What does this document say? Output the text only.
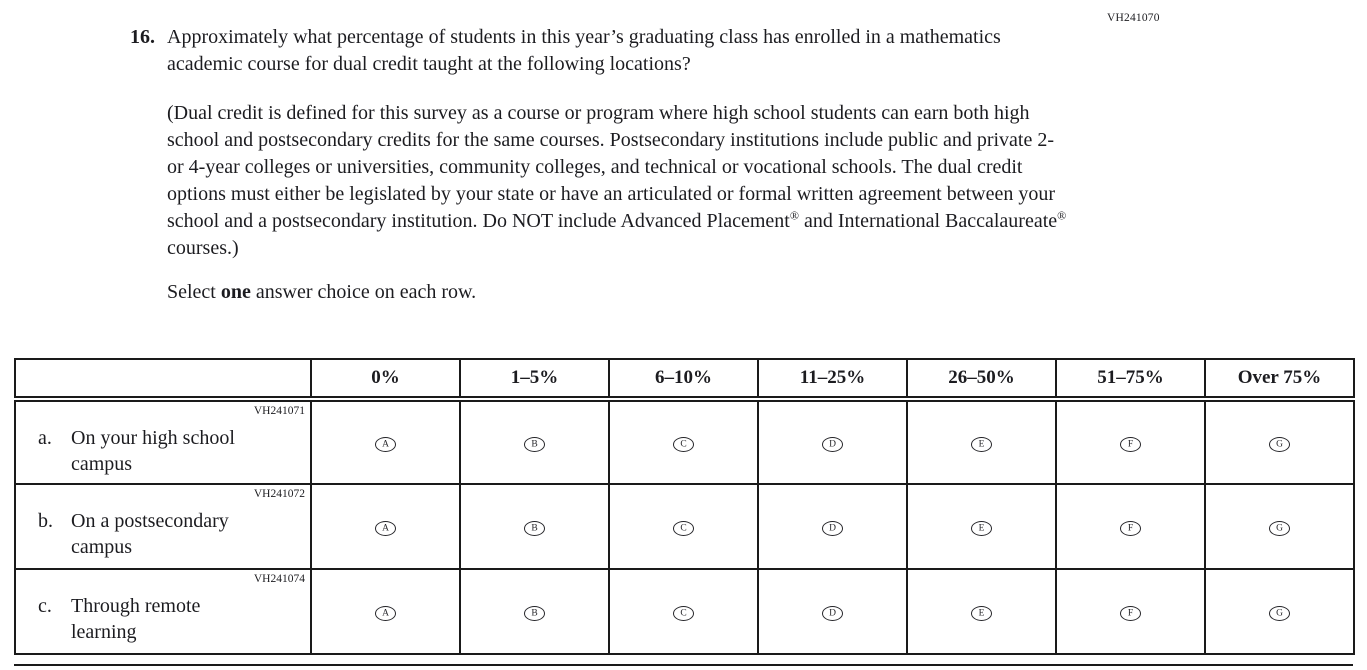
VH241070
16. Approximately what percentage of students in this year’s graduating class has enrolled in a mathematics academic course for dual credit taught at the following locations?
(Dual credit is defined for this survey as a course or program where high school students can earn both high school and postsecondary credits for the same courses. Postsecondary institutions include public and private 2- or 4-year colleges or universities, community colleges, and technical or vocational schools. The dual credit options must either be legislated by your state or have an articulated or formal written agreement between your school and a postsecondary institution. Do NOT include Advanced Placement® and International Baccalaureate® courses.)
Select one answer choice on each row.
	0%	1–5%	6–10%	11–25%	26–50%	51–75%	Over 75%

VH241071
a. On your high school campus	A	B	C	D	E	F	G

VH241072
b. On a postsecondary campus	A	B	C	D	E	F	G

VH241074
c. Through remote learning	A	B	C	D	E	F	G
